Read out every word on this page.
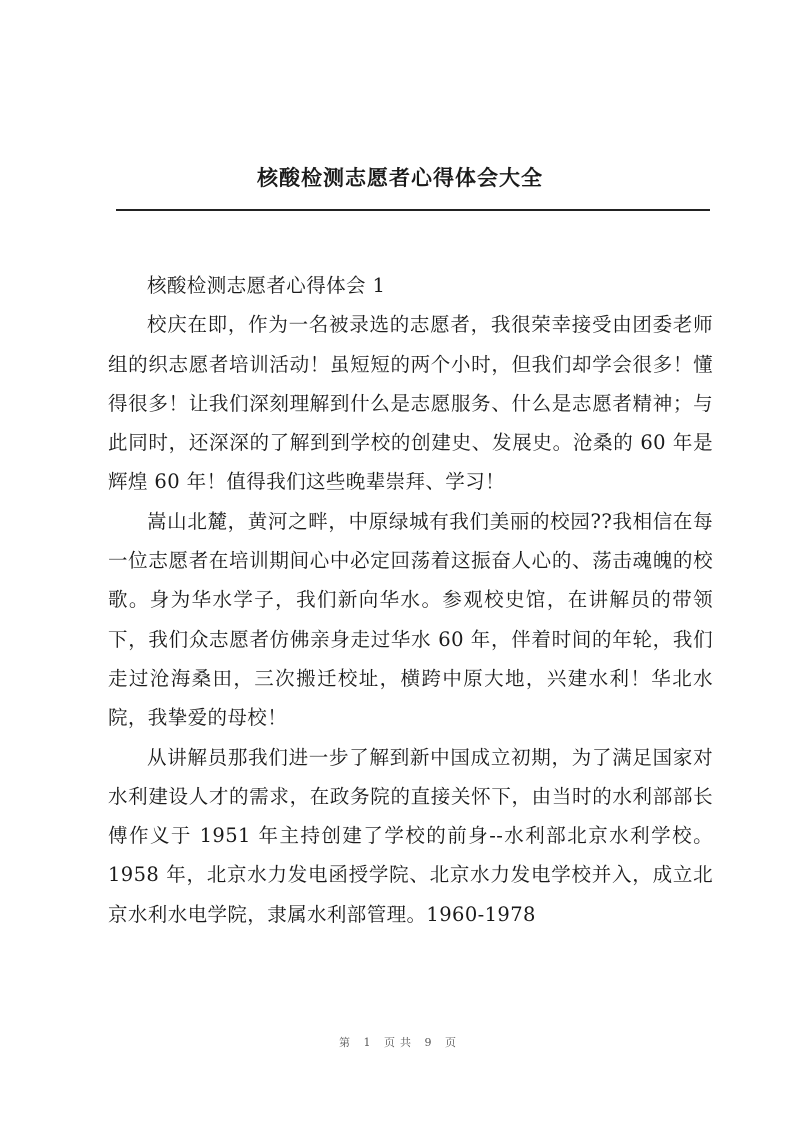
核酸检测志愿者心得体会大全

核酸检测志愿者心得体会 1

校庆在即，作为一名被录选的志愿者，我很荣幸接受由团委老师组的织志愿者培训活动！虽短短的两个小时，但我们却学会很多！懂得很多！让我们深刻理解到什么是志愿服务、什么是志愿者精神；与此同时，还深深的了解到到学校的创建史、发展史。沧桑的 60 年是辉煌 60 年！值得我们这些晚辈崇拜、学习！

嵩山北麓，黄河之畔，中原绿城有我们美丽的校园??我相信在每一位志愿者在培训期间心中必定回荡着这振奋人心的、荡击魂魄的校歌。身为华水学子，我们新向华水。参观校史馆，在讲解员的带领下，我们众志愿者仿佛亲身走过华水 60 年，伴着时间的年轮，我们走过沧海桑田，三次搬迁校址，横跨中原大地，兴建水利！华北水院，我挚爱的母校！

从讲解员那我们进一步了解到新中国成立初期，为了满足国家对水利建设人才的需求，在政务院的直接关怀下，由当时的水利部部长傅作义于 1951 年主持创建了学校的前身--水利部北京水利学校。1958 年，北京水力发电函授学院、北京水力发电学校并入，成立北京水利水电学院，隶属水利部管理。1960-1978

第 1 页共 9 页
